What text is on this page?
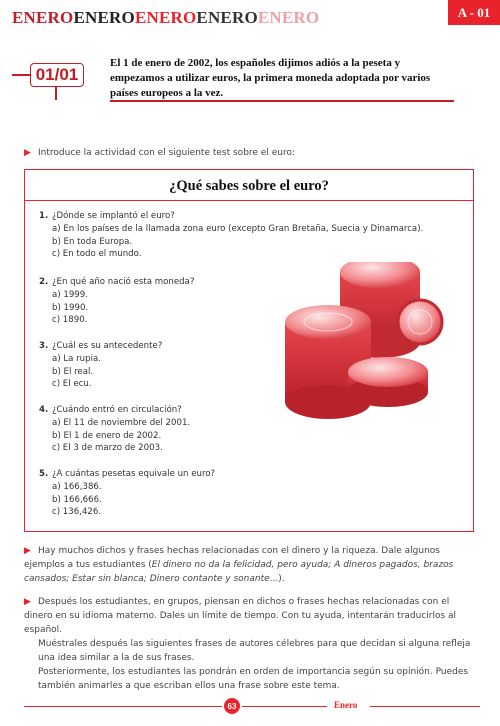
ENEROENEROENEROENEROENERO	A - 01
01/01
El 1 de enero de 2002, los españoles dijimos adiós a la peseta y empezamos a utilizar euros, la primera moneda adoptada por varios países europeos a la vez.
▶ Introduce la actividad con el siguiente test sobre el euro:
¿Qué sabes sobre el euro?
1. ¿Dónde se implantó el euro?
a) En los países de la llamada zona euro (excepto Gran Bretaña, Suecia y Dinamarca).
b) En toda Europa.
c) En todo el mundo.
2. ¿En qué año nació esta moneda?
a) 1999.
b) 1990.
c) 1890.
3. ¿Cuál es su antecedente?
a) La rupia.
b) El real.
c) El ecu.
4. ¿Cuándo entró en circulación?
a) El 11 de noviembre del 2001.
b) El 1 de enero de 2002.
c) El 3 de marzo de 2003.
5. ¿A cuántas pesetas equivale un euro?
a) 166,386.
b) 166,666.
c) 136,426.
▶ Hay muchos dichos y frases hechas relacionadas con el dinero y la riqueza. Dale algunos ejemplos a tus estudiantes (El dinero no da la felicidad, pero ayuda; A dineros pagados, brazos cansados; Estar sin blanca; Dinero contante y sonante...).
▶ Después los estudiantes, en grupos, piensan en dichos o frases hechas relacionadas con el dinero en su idioma materno. Dales un límite de tiempo. Con tu ayuda, intentarán traducirlos al español.
Muéstrales después las siguientes frases de autores célebres para que decidan si alguna refleja una idea similar a la de sus frases.
Posteriormente, los estudiantes las pondrán en orden de importancia según su opinión. Puedes también animarles a que escriban ellos una frase sobre este tema.
63	Enero
